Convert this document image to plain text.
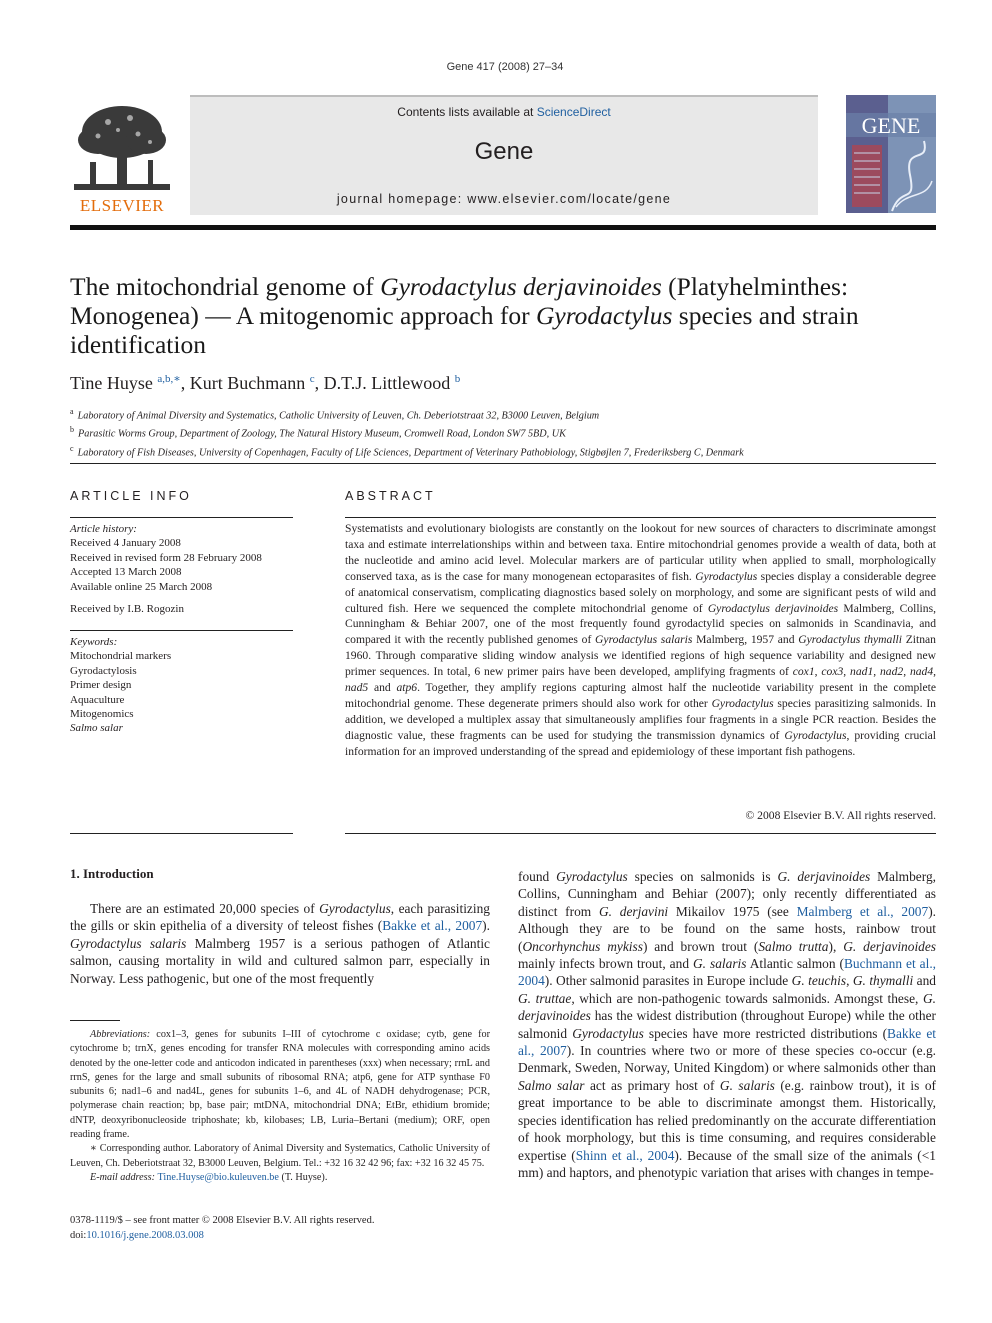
Gene 417 (2008) 27–34
ELSEVIER
Contents lists available at ScienceDirect
Gene
journal homepage: www.elsevier.com/locate/gene
GENE
The mitochondrial genome of Gyrodactylus derjavinoides (Platyhelminthes: Monogenea) — A mitogenomic approach for Gyrodactylus species and strain identification
Tine Huyse $^{a,b,∗}$, Kurt Buchmann $^c$, D.T.J. Littlewood $^b$
$^a$ Laboratory of Animal Diversity and Systematics, Catholic University of Leuven, Ch. Deberiotstraat 32, B3000 Leuven, Belgium
$^b$ Parasitic Worms Group, Department of Zoology, The Natural History Museum, Cromwell Road, London SW7 5BD, UK
$^c$ Laboratory of Fish Diseases, University of Copenhagen, Faculty of Life Sciences, Department of Veterinary Pathobiology, Stigbøjlen 7, Frederiksberg C, Denmark
ARTICLE INFO	ABSTRACT
Article history:
Received 4 January 2008
Received in revised form 28 February 2008
Accepted 13 March 2008
Available online 25 March 2008
Received by I.B. Rogozin
Keywords:
Mitochondrial markers
Gyrodactylosis
Primer design
Aquaculture
Mitogenomics
Salmo salar
Systematists and evolutionary biologists are constantly on the lookout for new sources of characters to discriminate amongst taxa and estimate interrelationships within and between taxa. Entire mitochondrial genomes provide a wealth of data, both at the nucleotide and amino acid level. Molecular markers are of particular utility when applied to small, morphologically conserved taxa, as is the case for many monogenean ectoparasites of fish. Gyrodactylus species display a considerable degree of anatomical conservatism, complicating diagnostics based solely on morphology, and some are significant pests of wild and cultured fish. Here we sequenced the complete mitochondrial genome of Gyrodactylus derjavinoides Malmberg, Collins, Cunningham & Behiar 2007, one of the most frequently found gyrodactylid species on salmonids in Scandinavia, and compared it with the recently published genomes of Gyrodactylus salaris Malmberg, 1957 and Gyrodactylus thymalli Zitnan 1960. Through comparative sliding window analysis we identified regions of high sequence variability and designed new primer sequences. In total, 6 new primer pairs have been developed, amplifying fragments of cox1, cox3, nad1, nad2, nad4, nad5 and atp6. Together, they amplify regions capturing almost half the nucleotide variability present in the complete mitochondrial genome. These degenerate primers should also work for other Gyrodactylus species parasitizing salmonids. In addition, we developed a multiplex assay that simultaneously amplifies four fragments in a single PCR reaction. Besides the diagnostic value, these fragments can be used for studying the transmission dynamics of Gyrodactylus, providing crucial information for an improved understanding of the spread and epidemiology of these important fish pathogens.
© 2008 Elsevier B.V. All rights reserved.
1. Introduction

There are an estimated 20,000 species of Gyrodactylus, each parasitizing the gills or skin epithelia of a diversity of teleost fishes (Bakke et al., 2007). Gyrodactylus salaris Malmberg 1957 is a serious pathogen of Atlantic salmon, causing mortality in wild and cultured salmon parr, especially in Norway. Less pathogenic, but one of the most frequently

found Gyrodactylus species on salmonids is G. derjavinoides Malmberg, Collins, Cunningham and Behiar (2007); only recently differentiated as distinct from G. derjavini Mikailov 1975 (see Malmberg et al., 2007). Although they are to be found on the same hosts, rainbow trout (Oncorhynchus mykiss) and brown trout (Salmo trutta), G. derjavinoides mainly infects brown trout, and G. salaris Atlantic salmon (Buchmann et al., 2004). Other salmonid parasites in Europe include G. teuchis, G. thymalli and G. truttae, which are non-pathogenic towards salmonids. Amongst these, G. derjavinoides has the widest distribution (throughout Europe) while the other salmonid Gyrodactylus species have more restricted distributions (Bakke et al., 2007). In countries where two or more of these species co-occur (e.g. Denmark, Sweden, Norway, United Kingdom) or where salmonids other than Salmo salar act as primary host of G. salaris (e.g. rainbow trout), it is of great importance to be able to discriminate amongst them. Historically, species identification has relied predominantly on the accurate differentiation of hook morphology, but this is time consuming, and requires considerable expertise (Shinn et al., 2004). Because of the small size of the animals (<1 mm) and haptors, and phenotypic variation that arises with changes in tempe-

Abbreviations: cox1–3, genes for subunits I–III of cytochrome c oxidase; cytb, gene for cytochrome b; trnX, genes encoding for transfer RNA molecules with corresponding amino acids denoted by the one-letter code and anticodon indicated in parentheses (xxx) when necessary; rrnL and rrnS, genes for the large and small subunits of ribosomal RNA; atp6, gene for ATP synthase F0 subunits 6; nad1–6 and nad4L, genes for subunits 1–6, and 4L of NADH dehydrogenase; PCR, polymerase chain reaction; bp, base pair; mtDNA, mitochondrial DNA; EtBr, ethidium bromide; dNTP, deoxyribonucleoside triphoshate; kb, kilobases; LB, Luria–Bertani (medium); ORF, open reading frame.

∗ Corresponding author. Laboratory of Animal Diversity and Systematics, Catholic University of Leuven, Ch. Deberiotstraat 32, B3000 Leuven, Belgium. Tel.: +32 16 32 42 96; fax: +32 16 32 45 75.

E-mail address: Tine.Huyse@bio.kuleuven.be (T. Huyse).

0378-1119/$ – see front matter © 2008 Elsevier B.V. All rights reserved.
doi:10.1016/j.gene.2008.03.008
